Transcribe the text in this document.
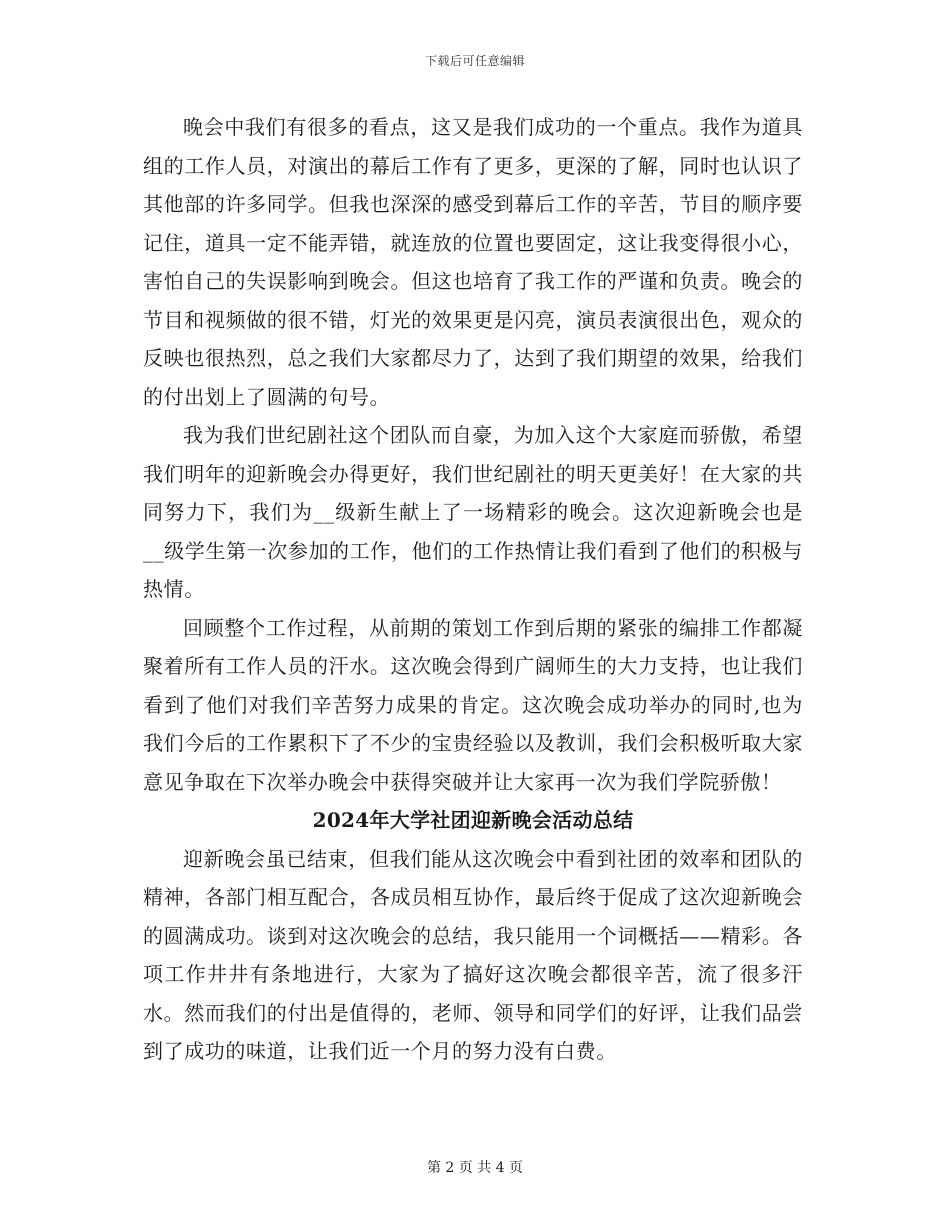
下载后可任意编辑

晚会中我们有很多的看点，这又是我们成功的一个重点。我作为道具组的工作人员，对演出的幕后工作有了更多，更深的了解，同时也认识了其他部的许多同学。但我也深深的感受到幕后工作的辛苦，节目的顺序要记住，道具一定不能弄错，就连放的位置也要固定，这让我变得很小心，害怕自己的失误影响到晚会。但这也培育了我工作的严谨和负责。晚会的节目和视频做的很不错，灯光的效果更是闪亮，演员表演很出色，观众的反映也很热烈，总之我们大家都尽力了，达到了我们期望的效果，给我们的付出划上了圆满的句号。

我为我们世纪剧社这个团队而自豪，为加入这个大家庭而骄傲，希望我们明年的迎新晚会办得更好，我们世纪剧社的明天更美好！在大家的共同努力下，我们为__级新生献上了一场精彩的晚会。这次迎新晚会也是__级学生第一次参加的工作，他们的工作热情让我们看到了他们的积极与热情。

回顾整个工作过程，从前期的策划工作到后期的紧张的编排工作都凝聚着所有工作人员的汗水。这次晚会得到广阔师生的大力支持，也让我们看到了他们对我们辛苦努力成果的肯定。这次晚会成功举办的同时,也为我们今后的工作累积下了不少的宝贵经验以及教训，我们会积极听取大家意见争取在下次举办晚会中获得突破并让大家再一次为我们学院骄傲！

2024年大学社团迎新晚会活动总结

迎新晚会虽已结束，但我们能从这次晚会中看到社团的效率和团队的精神，各部门相互配合，各成员相互协作，最后终于促成了这次迎新晚会的圆满成功。谈到对这次晚会的总结，我只能用一个词概括——精彩。各项工作井井有条地进行，大家为了搞好这次晚会都很辛苦，流了很多汗水。然而我们的付出是值得的，老师、领导和同学们的好评，让我们品尝到了成功的味道，让我们近一个月的努力没有白费。

第 2 页 共 4 页
